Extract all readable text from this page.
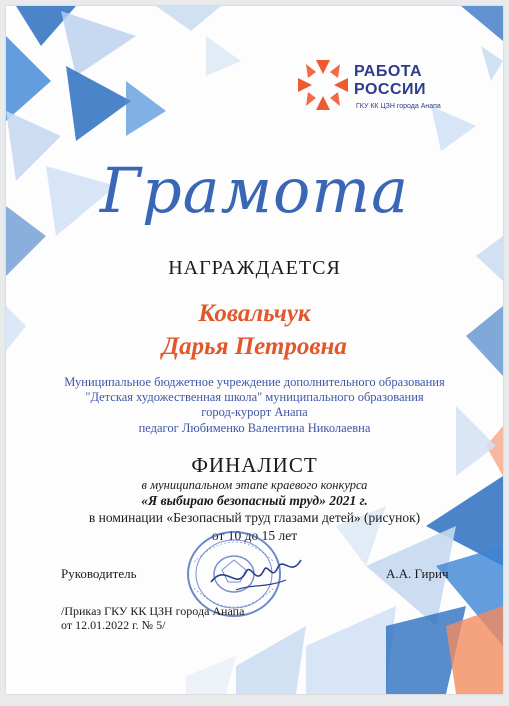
РАБОТА
РОССИИ
ГКУ КК ЦЗН города Анапа
Грамота
НАГРАЖДАЕТСЯ
Ковальчук
Дарья Петровна
Муниципальное бюджетное учреждение дополнительного образования
"Детская художественная школа" муниципального образования
город-курорт Анапа
педагог Любименко Валентина Николаевна
ФИНАЛИСТ
в муниципальном этапе краевого конкурса
«Я выбираю безопасный труд» 2021 г.
в номинации «Безопасный труд глазами детей» (рисунок)
от 10 до 15 лет
Руководитель	А.А. Гирич
/Приказ ГКУ КК ЦЗН города Анапа
от 12.01.2022 г. № 5/
